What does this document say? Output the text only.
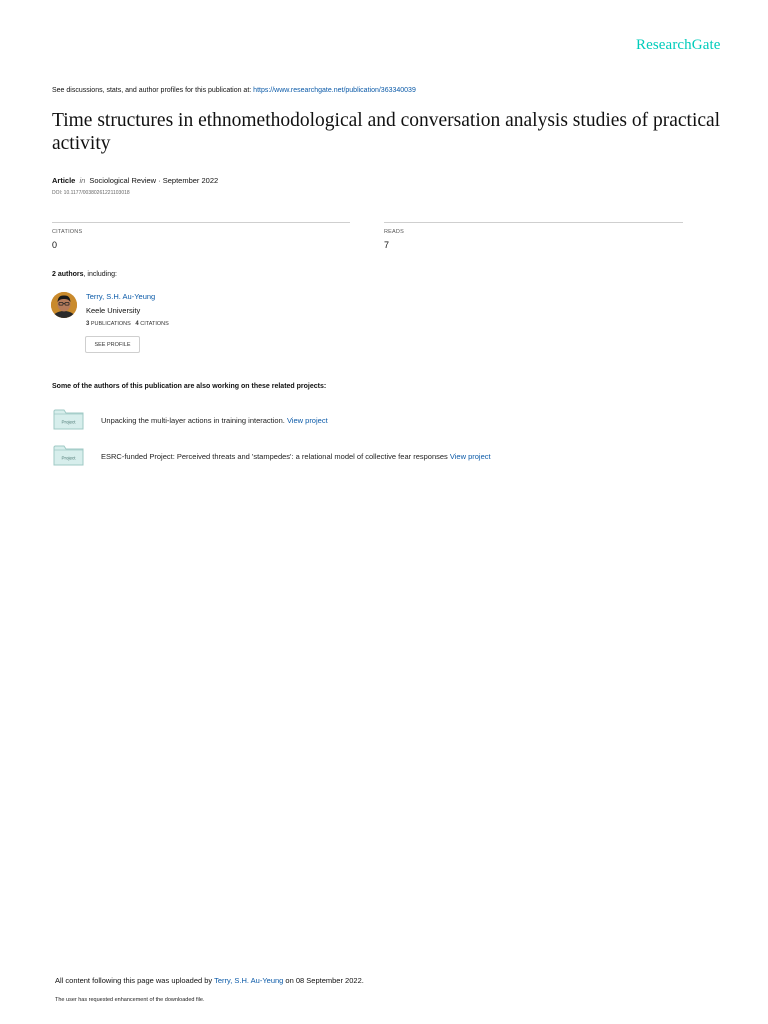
ResearchGate
See discussions, stats, and author profiles for this publication at: https://www.researchgate.net/publication/363340039
Time structures in ethnomethodological and conversation analysis studies of practical activity
Article in Sociological Review · September 2022
DOI: 10.1177/00380261221103018
CITATIONS
0
READS
7
2 authors, including:
Terry, S.H. Au-Yeung
Keele University
3 PUBLICATIONS 4 CITATIONS
SEE PROFILE
Some of the authors of this publication are also working on these related projects:
Project	Unpacking the multi-layer actions in training interaction. View project
Project	ESRC-funded Project: Perceived threats and 'stampedes': a relational model of collective fear responses View project
All content following this page was uploaded by Terry, S.H. Au-Yeung on 08 September 2022.
The user has requested enhancement of the downloaded file.
